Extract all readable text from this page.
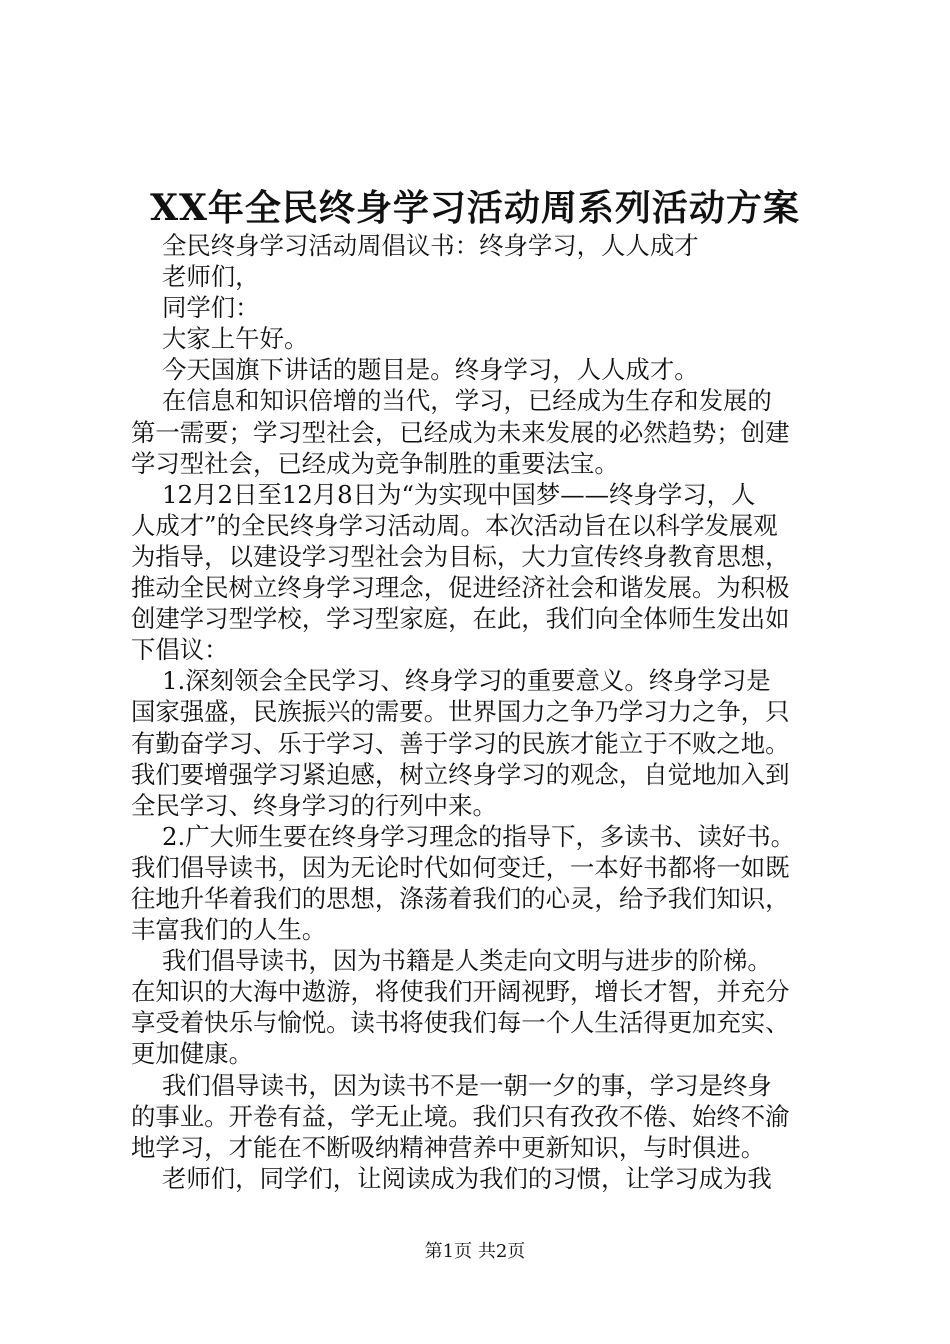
XX年全民终身学习活动周系列活动方案
全民终身学习活动周倡议书：终身学习，人人成才
老师们，
同学们：
大家上午好。
今天国旗下讲话的题目是。终身学习，人人成才。
在信息和知识倍增的当代，学习，已经成为生存和发展的
第一需要；学习型社会，已经成为未来发展的必然趋势；创建
学习型社会，已经成为竞争制胜的重要法宝。
12月2日至12月8日为“为实现中国梦——终身学习，人
人成才”的全民终身学习活动周。本次活动旨在以科学发展观
为指导，以建设学习型社会为目标，大力宣传终身教育思想，
推动全民树立终身学习理念，促进经济社会和谐发展。为积极
创建学习型学校，学习型家庭，在此，我们向全体师生发出如
下倡议：
1.深刻领会全民学习、终身学习的重要意义。终身学习是
国家强盛，民族振兴的需要。世界国力之争乃学习力之争，只
有勤奋学习、乐于学习、善于学习的民族才能立于不败之地。
我们要增强学习紧迫感，树立终身学习的观念，自觉地加入到
全民学习、终身学习的行列中来。
2.广大师生要在终身学习理念的指导下，多读书、读好书。
我们倡导读书，因为无论时代如何变迁，一本好书都将一如既
往地升华着我们的思想，涤荡着我们的心灵，给予我们知识，
丰富我们的人生。
我们倡导读书，因为书籍是人类走向文明与进步的阶梯。
在知识的大海中遨游，将使我们开阔视野，增长才智，并充分
享受着快乐与愉悦。读书将使我们每一个人生活得更加充实、
更加健康。
我们倡导读书，因为读书不是一朝一夕的事，学习是终身
的事业。开卷有益，学无止境。我们只有孜孜不倦、始终不渝
地学习，才能在不断吸纳精神营养中更新知识，与时俱进。
老师们，同学们，让阅读成为我们的习惯，让学习成为我
第1页 共2页
